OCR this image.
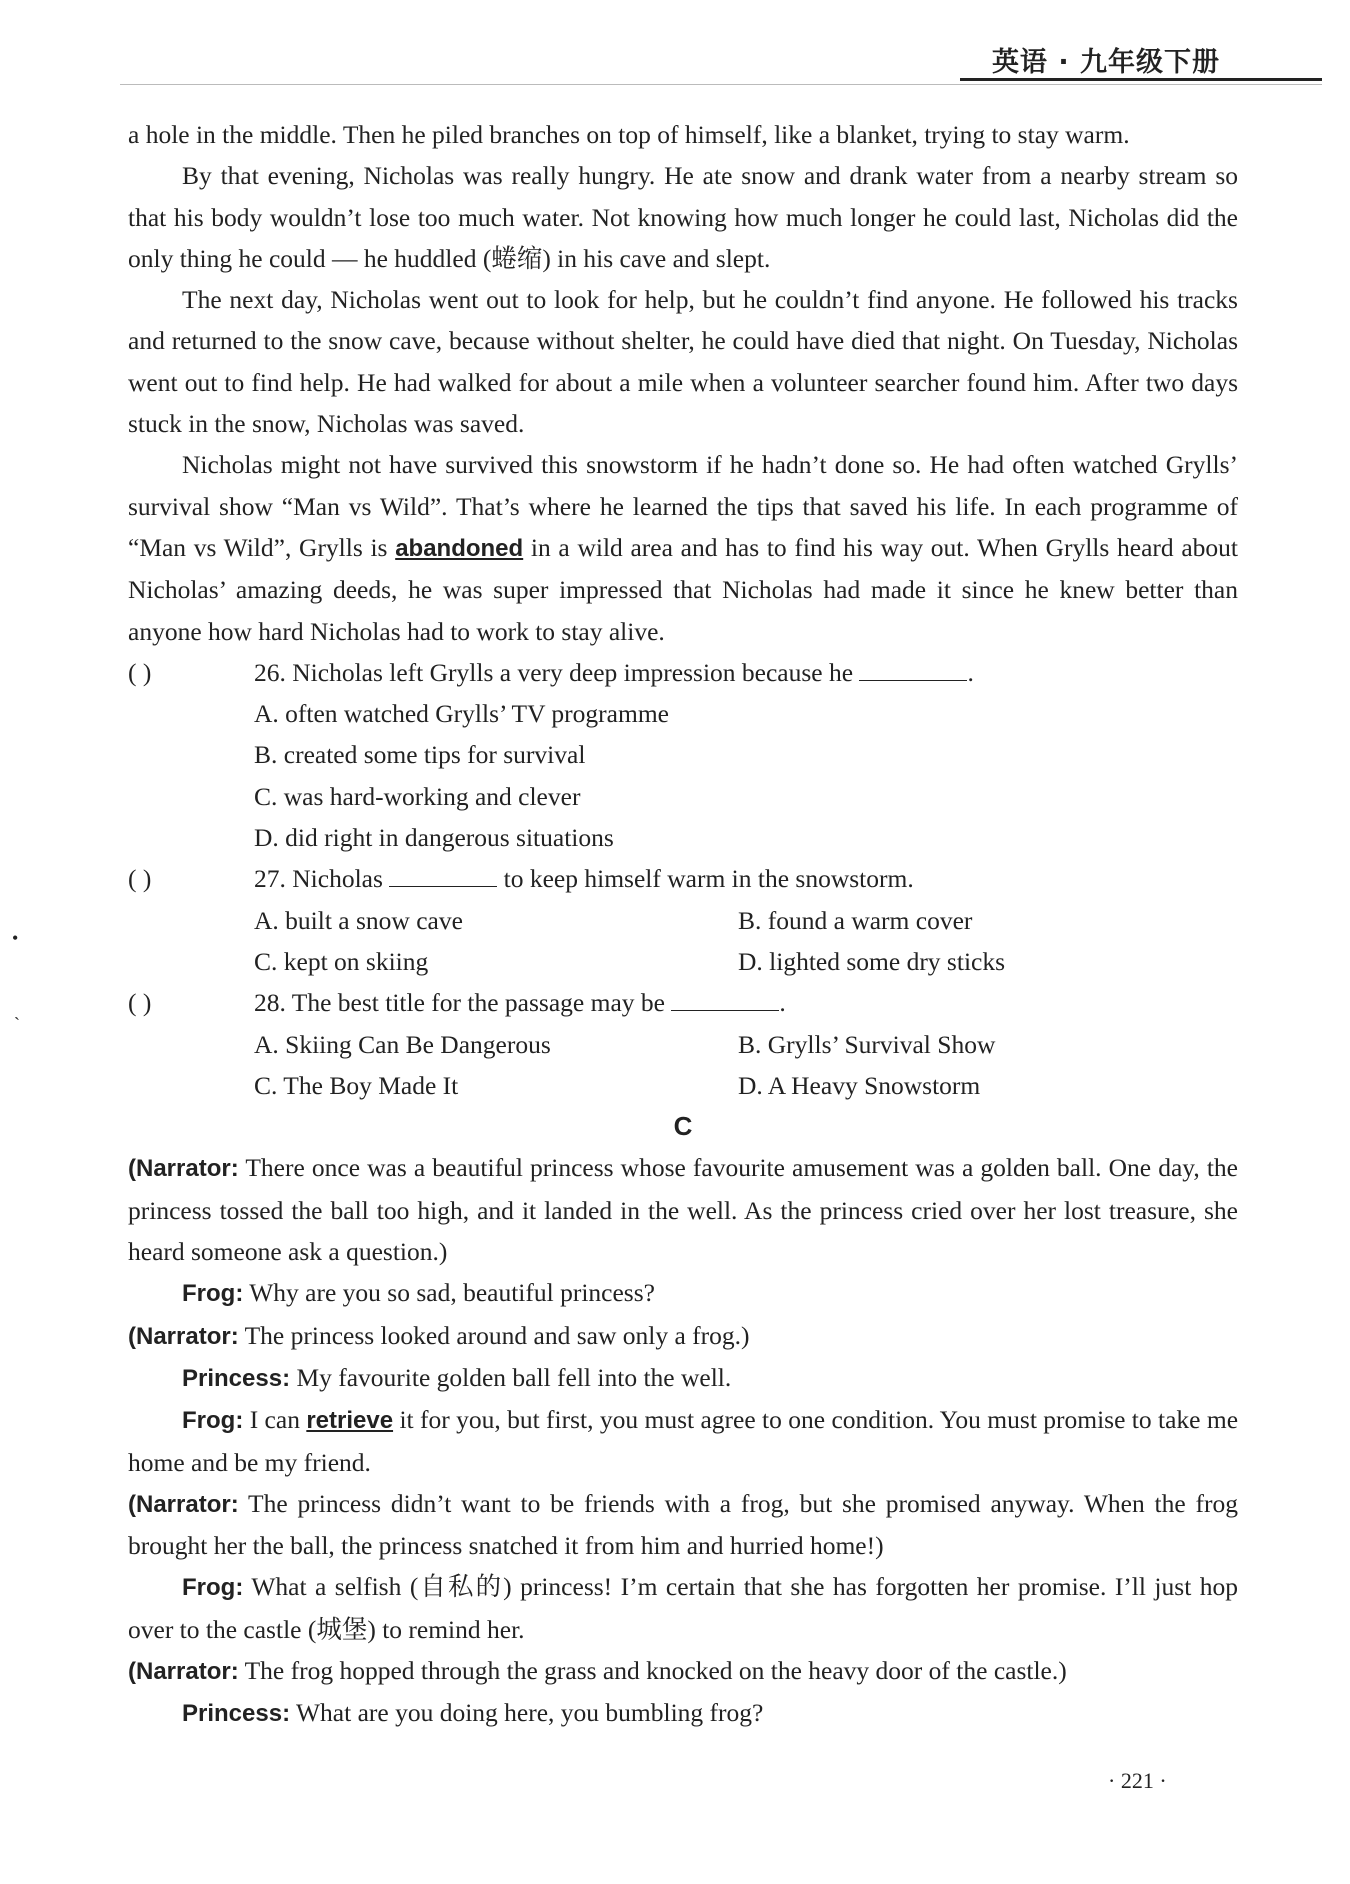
英语 · 九年级下册
•
ˏ

a hole in the middle. Then he piled branches on top of himself, like a blanket, trying to stay warm.

By that evening, Nicholas was really hungry. He ate snow and drank water from a nearby stream so that his body wouldn’t lose too much water. Not knowing how much longer he could last, Nicholas did the only thing he could — he huddled (蜷缩) in his cave and slept.

The next day, Nicholas went out to look for help, but he couldn’t find anyone. He followed his tracks and returned to the snow cave, because without shelter, he could have died that night. On Tuesday, Nicholas went out to find help. He had walked for about a mile when a volunteer searcher found him. After two days stuck in the snow, Nicholas was saved.

Nicholas might not have survived this snowstorm if he hadn’t done so. He had often watched Grylls’ survival show “Man vs Wild”. That’s where he learned the tips that saved his life. In each programme of “Man vs Wild”, Grylls is abandoned in a wild area and has to find his way out. When Grylls heard about Nicholas’ amazing deeds, he was super impressed that Nicholas had made it since he knew better than anyone how hard Nicholas had to work to stay alive.

( )	26. Nicholas left Grylls a very deep impression because he	.
A. often watched Grylls’ TV programme
B. created some tips for survival
C. was hard-working and clever
D. did right in dangerous situations
( )	27. Nicholas	to keep himself warm in the snowstorm.
A. built a snow cave	B. found a warm cover
C. kept on skiing	D. lighted some dry sticks
( )	28. The best title for the passage may be	.
A. Skiing Can Be Dangerous	B. Grylls’ Survival Show
C. The Boy Made It	D. A Heavy Snowstorm
C

(Narrator: There once was a beautiful princess whose favourite amusement was a golden ball. One day, the princess tossed the ball too high, and it landed in the well. As the princess cried over her lost treasure, she heard someone ask a question.)

Frog: Why are you so sad, beautiful princess?

(Narrator: The princess looked around and saw only a frog.)

Princess: My favourite golden ball fell into the well.

Frog: I can retrieve it for you, but first, you must agree to one condition. You must promise to take me home and be my friend.

(Narrator: The princess didn’t want to be friends with a frog, but she promised anyway. When the frog brought her the ball, the princess snatched it from him and hurried home!)

Frog: What a selfish (自私的) princess! I’m certain that she has forgotten her promise. I’ll just hop over to the castle (城堡) to remind her.

(Narrator: The frog hopped through the grass and knocked on the heavy door of the castle.)

Princess: What are you doing here, you bumbling frog?

· 221 ·
